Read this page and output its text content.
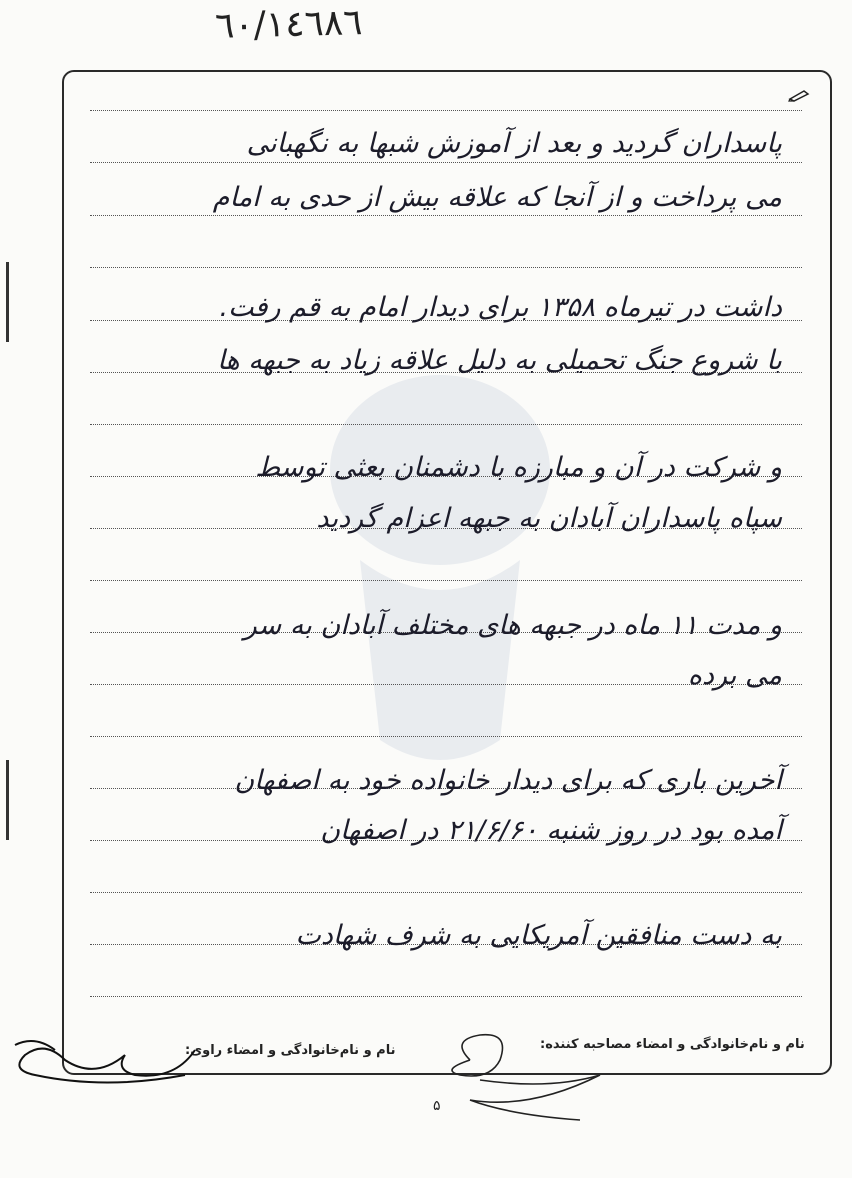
٦٠/١٤٦٨٦
پاسداران گردید و بعد از آموزش شبها به نگهبانی
می پرداخت و از آنجا که علاقه بیش از حدی به امام
داشت در تیرماه ۱۳۵۸ برای دیدار امام به قم رفت.
با شروع جنگ تحمیلی به دلیل علاقه زیاد به جبهه ها
و شرکت در آن و مبارزه با دشمنان بعثی توسط
سپاه پاسداران آبادان به جبهه اعزام گردید
و مدت ۱۱ ماه در جبهه های مختلف آبادان به سر
می برده
آخرین باری که برای دیدار خانواده خود به اصفهان
آمده بود در روز شنبه ۲۱/۶/۶۰ در اصفهان
به دست منافقین آمریکایی به شرف شهادت
نام و نام‌خانوادگی و امضاء مصاحبه کننده:
نام و نام‌خانوادگی و امضاء راوی:
۵
